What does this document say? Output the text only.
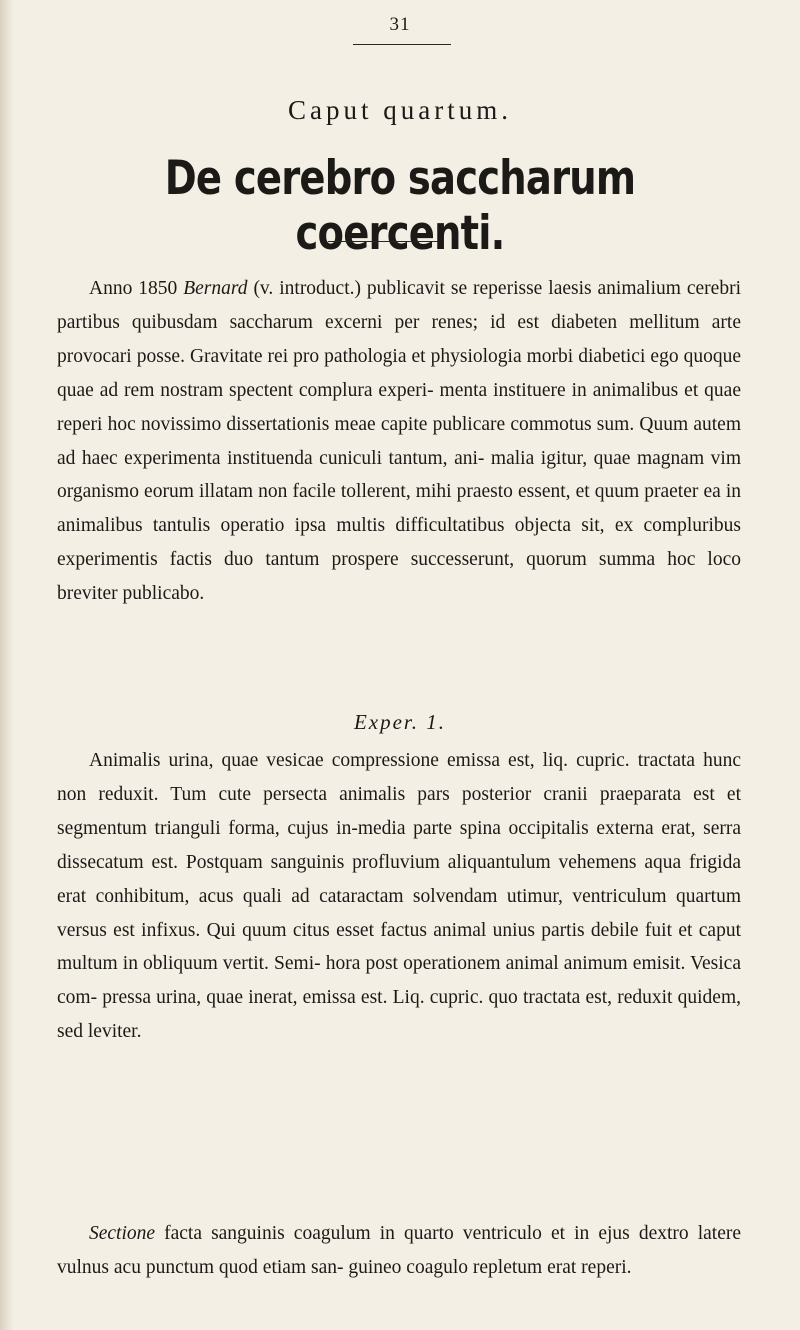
31
Caput quartum.
De cerebro saccharum coercenti.
Anno 1850 Bernard (v. introduct.) publicavit se reperisse laesis animalium cerebri partibus quibusdam saccharum excerni per renes; id est diabeten mellitum arte provocari posse. Gravitate rei pro pathologia et physiologia morbi diabetici ego quoque quae ad rem nostram spectent complura experi- menta instituere in animalibus et quae reperi hoc novissimo dissertationis meae capite publicare commotus sum. Quum autem ad haec experimenta instituenda cuniculi tantum, ani- malia igitur, quae magnam vim organismo eorum illatam non facile tollerent, mihi praesto essent, et quum praeter ea in animalibus tantulis operatio ipsa multis difficultatibus objecta sit, ex compluribus experimentis factis duo tantum prospere successerunt, quorum summa hoc loco breviter publicabo.
Exper. 1.
Animalis urina, quae vesicae compressione emissa est, liq. cupric. tractata hunc non reduxit. Tum cute persecta animalis pars posterior cranii praeparata est et segmentum trianguli forma, cujus in-media parte spina occipitalis externa erat, serra dissecatum est. Postquam sanguinis profluvium aliquantulum vehemens aqua frigida erat conhibitum, acus quali ad cataractam solvendam utimur, ventriculum quartum versus est infixus. Qui quum citus esset factus animal unius partis debile fuit et caput multum in obliquum vertit. Semi- hora post operationem animal animum emisit. Vesica com- pressa urina, quae inerat, emissa est. Liq. cupric. quo tractata est, reduxit quidem, sed leviter.
Sectione facta sanguinis coagulum in quarto ventriculo et in ejus dextro latere vulnus acu punctum quod etiam san- guineo coagulo repletum erat reperi.
